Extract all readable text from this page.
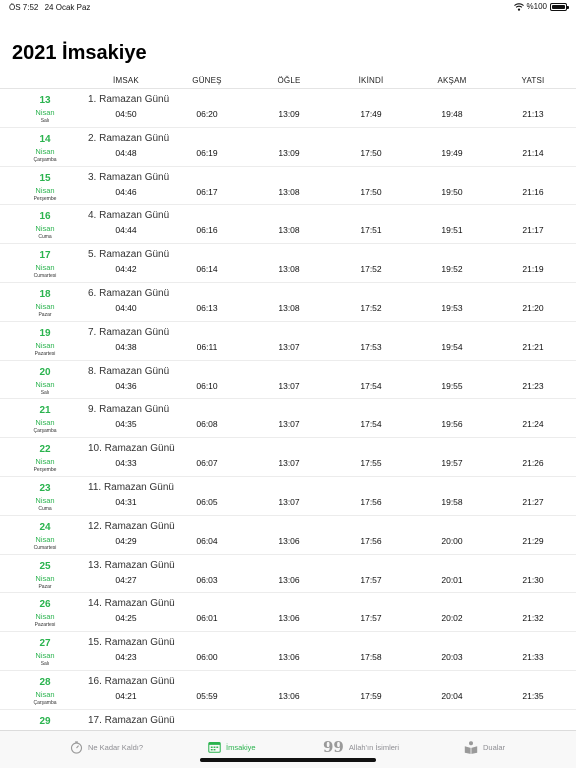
ÖS 7:52 24 Ocak Paz	%100
2021 İmsakiye
İMSAK	GÜNEŞ	ÖĞLE	İKİNDİ	AKŞAM	YATSI
13
Nisan
Salı
1. Ramazan Günü
04:50	06:20	13:09	17:49	19:48	21:13
14
Nisan
Çarşamba
2. Ramazan Günü
04:48	06:19	13:09	17:50	19:49	21:14
15
Nisan
Perşembe
3. Ramazan Günü
04:46	06:17	13:08	17:50	19:50	21:16
16
Nisan
Cuma
4. Ramazan Günü
04:44	06:16	13:08	17:51	19:51	21:17
17
Nisan
Cumartesi
5. Ramazan Günü
04:42	06:14	13:08	17:52	19:52	21:19
18
Nisan
Pazar
6. Ramazan Günü
04:40	06:13	13:08	17:52	19:53	21:20
19
Nisan
Pazartesi
7. Ramazan Günü
04:38	06:11	13:07	17:53	19:54	21:21
20
Nisan
Salı
8. Ramazan Günü
04:36	06:10	13:07	17:54	19:55	21:23
21
Nisan
Çarşamba
9. Ramazan Günü
04:35	06:08	13:07	17:54	19:56	21:24
22
Nisan
Perşembe
10. Ramazan Günü
04:33	06:07	13:07	17:55	19:57	21:26
23
Nisan
Cuma
11. Ramazan Günü
04:31	06:05	13:07	17:56	19:58	21:27
24
Nisan
Cumartesi
12. Ramazan Günü
04:29	06:04	13:06	17:56	20:00	21:29
25
Nisan
Pazar
13. Ramazan Günü
04:27	06:03	13:06	17:57	20:01	21:30
26
Nisan
Pazartesi
14. Ramazan Günü
04:25	06:01	13:06	17:57	20:02	21:32
27
Nisan
Salı
15. Ramazan Günü
04:23	06:00	13:06	17:58	20:03	21:33
28
Nisan
Çarşamba
16. Ramazan Günü
04:21	05:59	13:06	17:59	20:04	21:35
29	17. Ramazan Günü
Ne Kadar Kaldı?	İmsakiye	99 Allah'ın İsimleri	Dualar
